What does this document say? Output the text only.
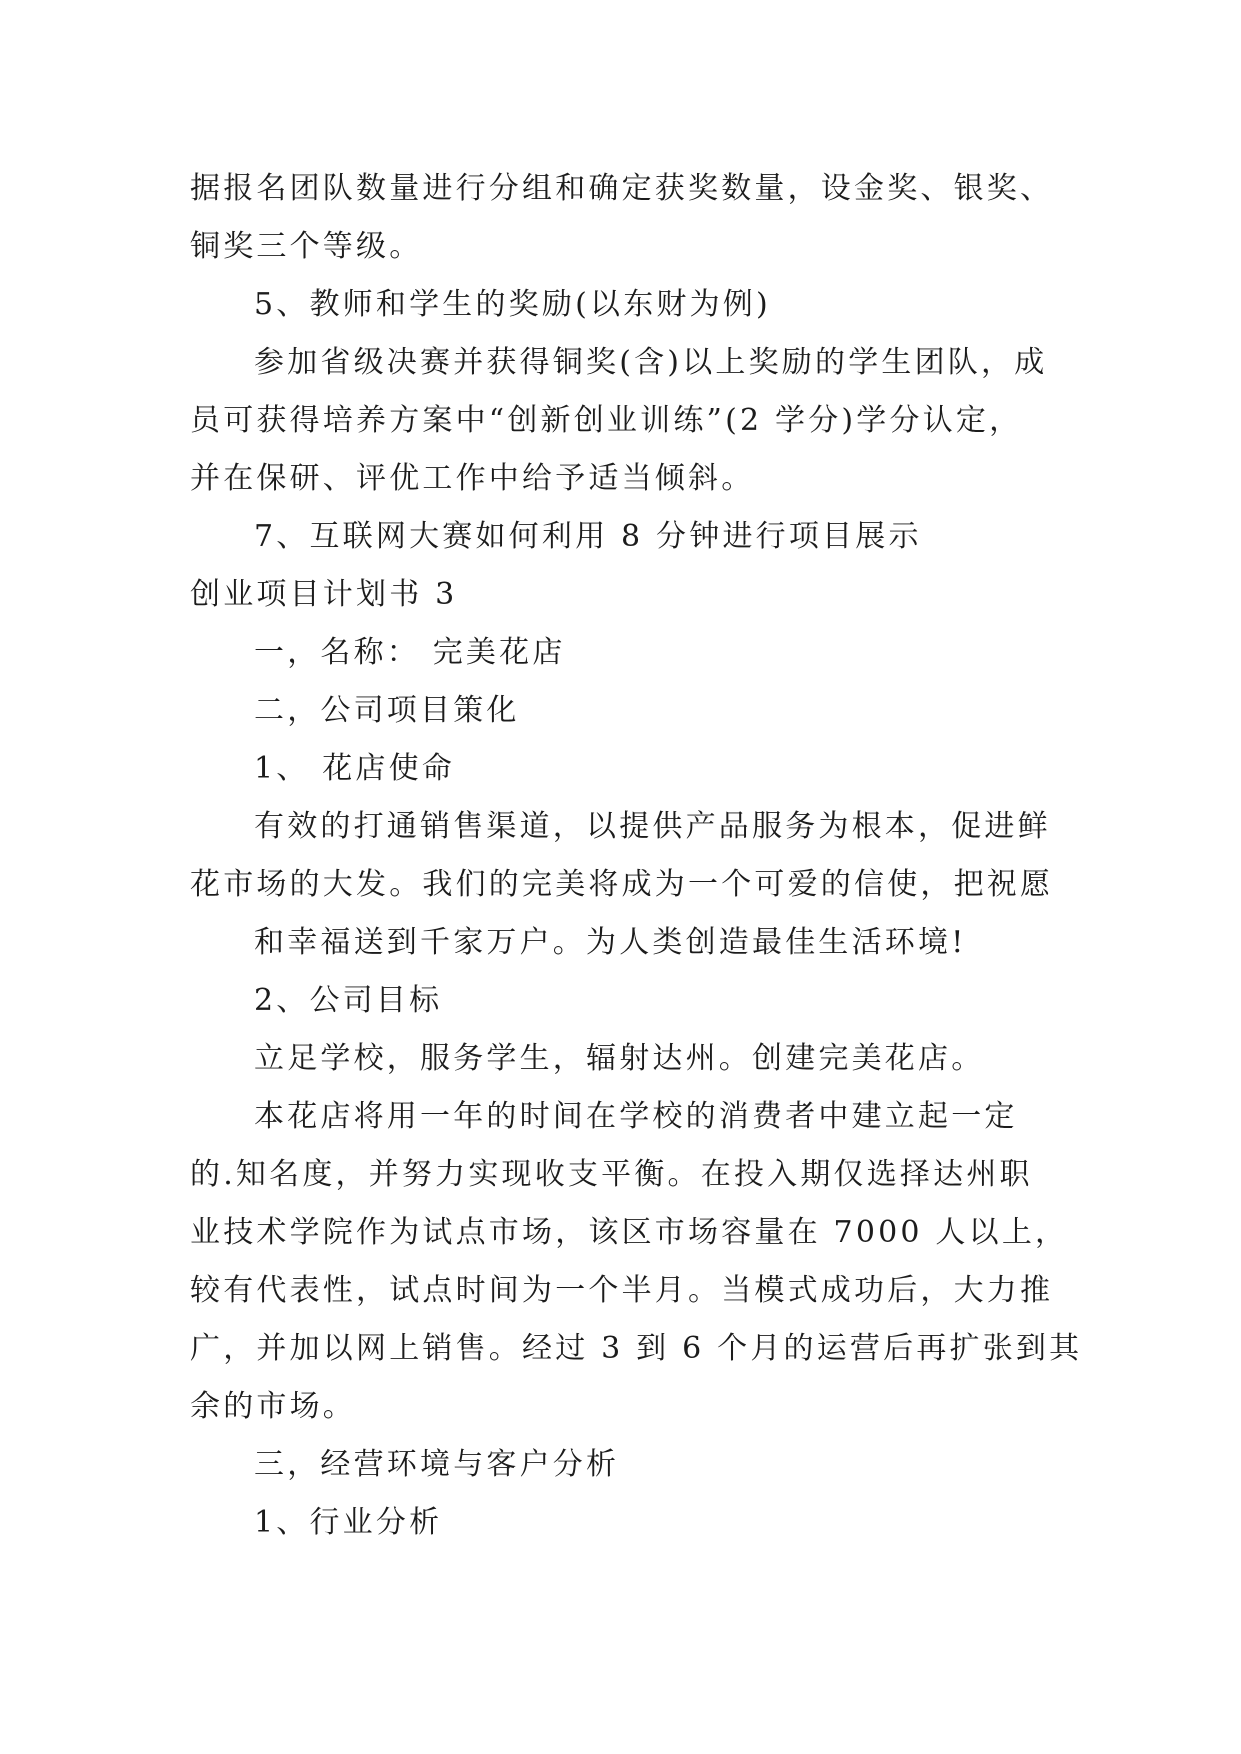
据报名团队数量进行分组和确定获奖数量，设金奖、银奖、
铜奖三个等级。
5、教师和学生的奖励(以东财为例)
参加省级决赛并获得铜奖(含)以上奖励的学生团队，成
员可获得培养方案中“创新创业训练”(2 学分)学分认定，
并在保研、评优工作中给予适当倾斜。
7、互联网大赛如何利用 8 分钟进行项目展示
创业项目计划书 3
一，名称： 完美花店
二，公司项目策化
1、 花店使命
有效的打通销售渠道，以提供产品服务为根本，促进鲜
花市场的大发。我们的完美将成为一个可爱的信使，把祝愿
和幸福送到千家万户。为人类创造最佳生活环境!
2、公司目标
立足学校，服务学生，辐射达州。创建完美花店。
本花店将用一年的时间在学校的消费者中建立起一定
的.知名度，并努力实现收支平衡。在投入期仅选择达州职
业技术学院作为试点市场，该区市场容量在 7000 人以上，
较有代表性，试点时间为一个半月。当模式成功后，大力推
广，并加以网上销售。经过 3 到 6 个月的运营后再扩张到其
余的市场。
三，经营环境与客户分析
1、行业分析
